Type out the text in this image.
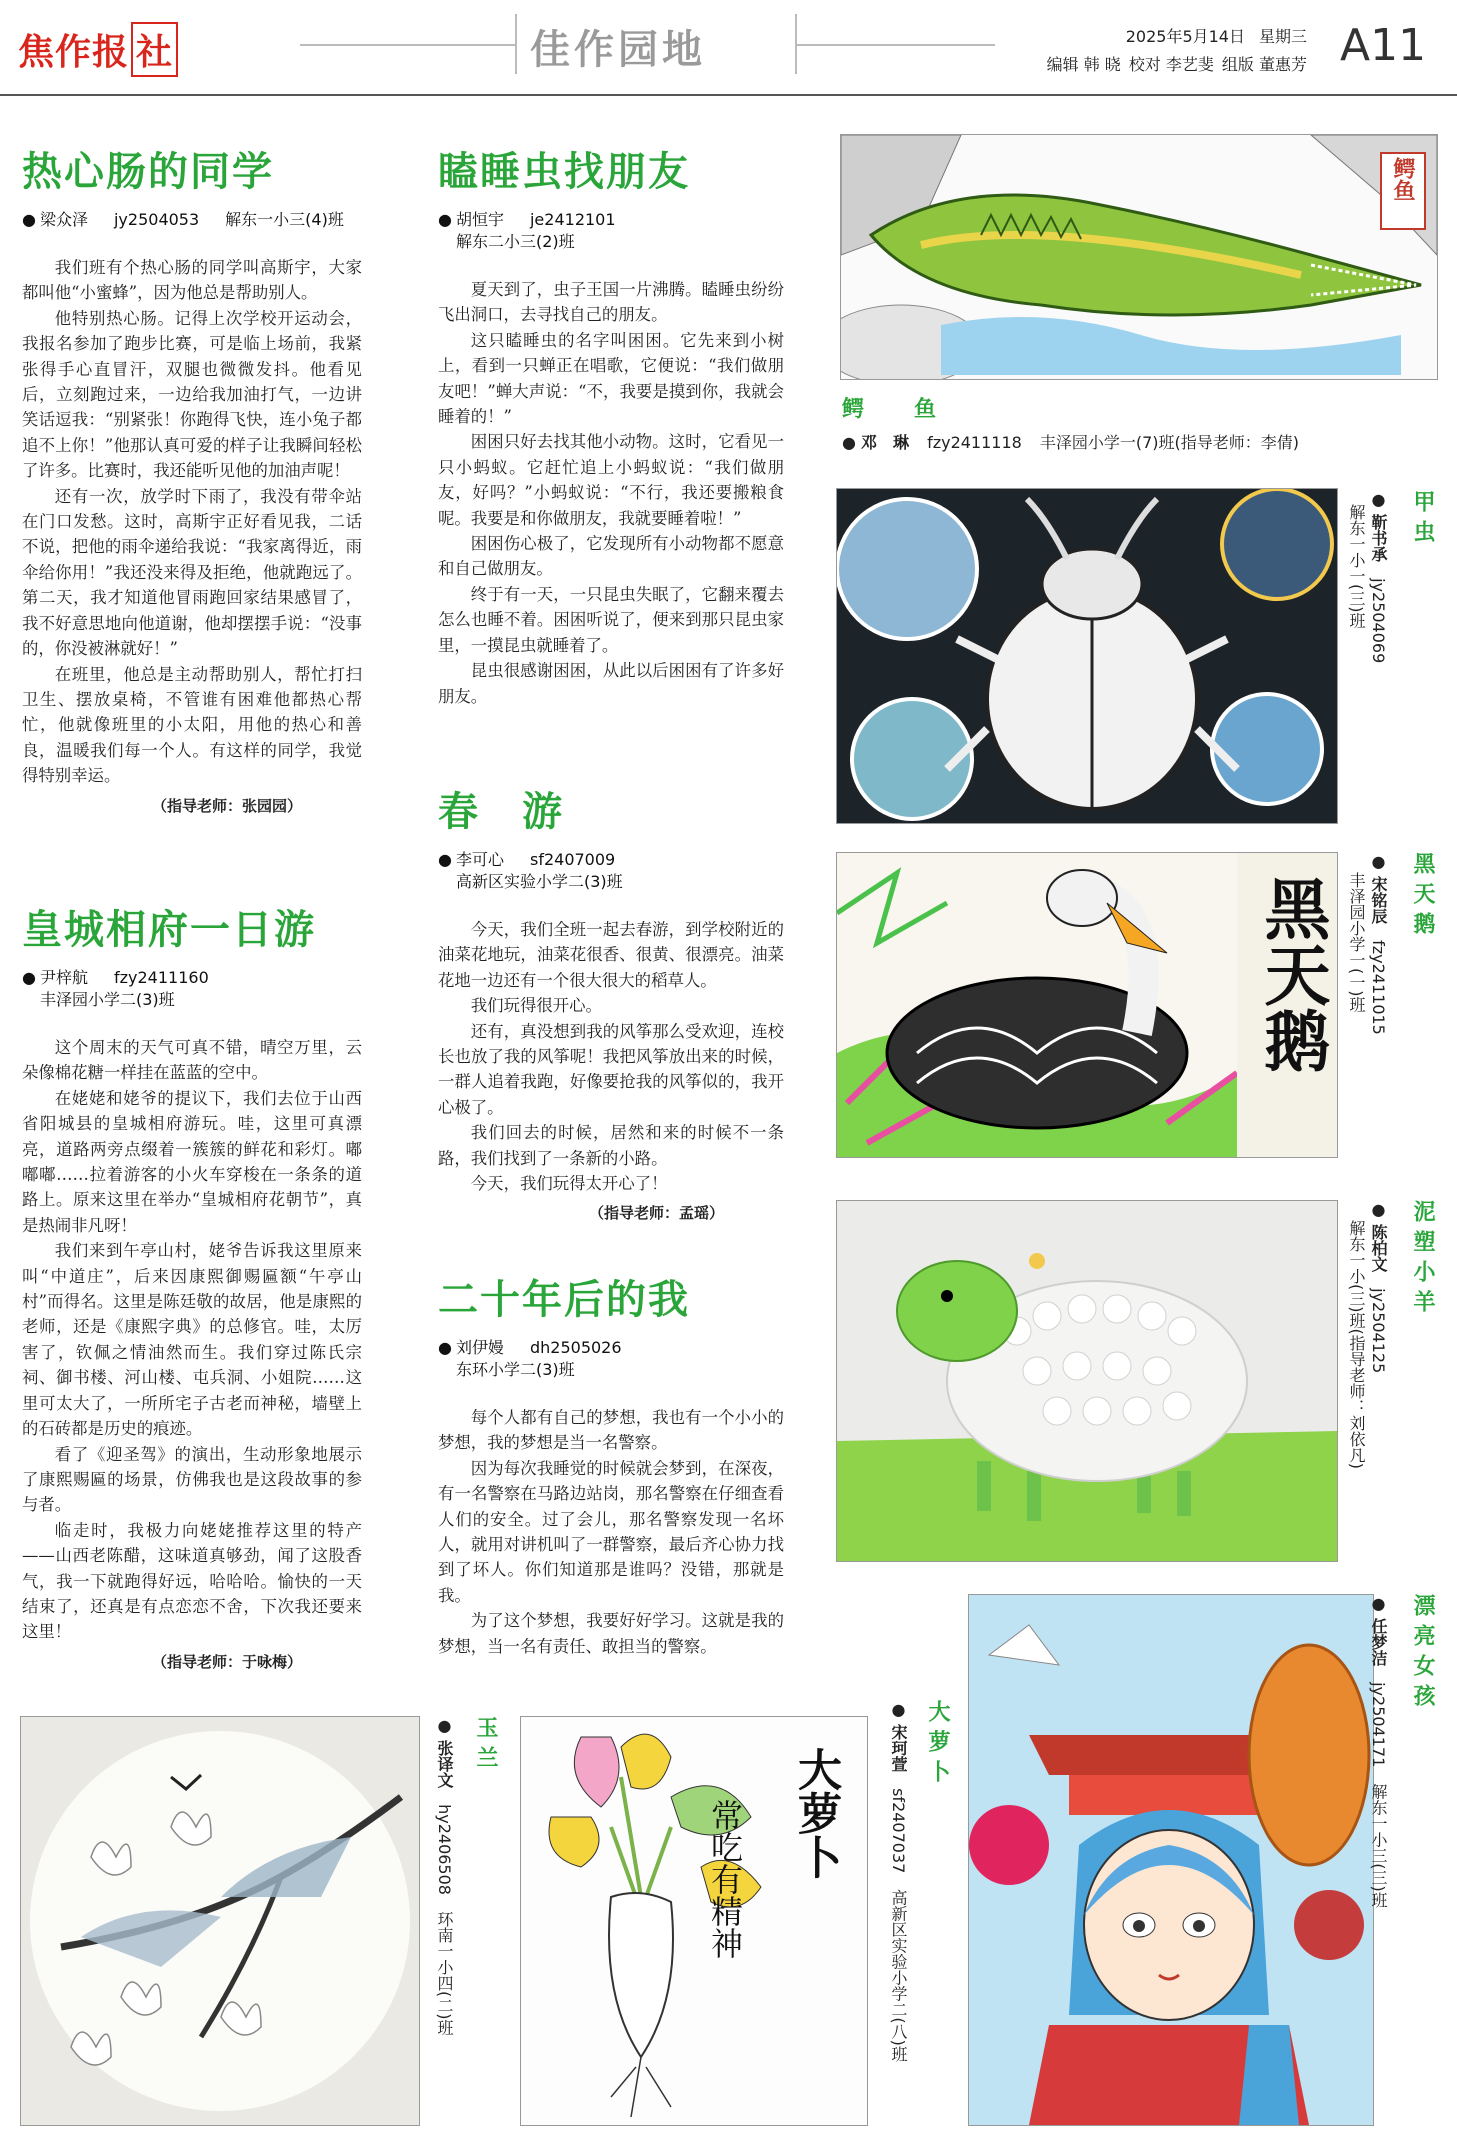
焦作报 社	佳作园地	2025年5月14日 星期三
编辑 韩 晓 校对 李艺斐 组版 董惠芳 A11
热心肠的同学
● 梁众泽 jy2504053 解东一小三(4)班

我们班有个热心肠的同学叫高斯宇，大家都叫他“小蜜蜂”，因为他总是帮助别人。

他特别热心肠。记得上次学校开运动会，我报名参加了跑步比赛，可是临上场前，我紧张得手心直冒汗，双腿也微微发抖。他看见后，立刻跑过来，一边给我加油打气，一边讲笑话逗我：“别紧张！你跑得飞快，连小兔子都追不上你！”他那认真可爱的样子让我瞬间轻松了许多。比赛时，我还能听见他的加油声呢！

还有一次，放学时下雨了，我没有带伞站在门口发愁。这时，高斯宇正好看见我，二话不说，把他的雨伞递给我说：“我家离得近，雨伞给你用！”我还没来得及拒绝，他就跑远了。第二天，我才知道他冒雨跑回家结果感冒了，我不好意思地向他道谢，他却摆摆手说：“没事的，你没被淋就好！”

在班里，他总是主动帮助别人，帮忙打扫卫生、摆放桌椅，不管谁有困难他都热心帮忙，他就像班里的小太阳，用他的热心和善良，温暖我们每一个人。有这样的同学，我觉得特别幸运。

（指导老师：张园园）
皇城相府一日游
● 尹梓航 fzy2411160
丰泽园小学二(3)班

这个周末的天气可真不错，晴空万里，云朵像棉花糖一样挂在蓝蓝的空中。

在姥姥和姥爷的提议下，我们去位于山西省阳城县的皇城相府游玩。哇，这里可真漂亮，道路两旁点缀着一簇簇的鲜花和彩灯。嘟嘟嘟……拉着游客的小火车穿梭在一条条的道路上。原来这里在举办“皇城相府花朝节”，真是热闹非凡呀！

我们来到午亭山村，姥爷告诉我这里原来叫“中道庄”，后来因康熙御赐匾额“午亭山村”而得名。这里是陈廷敬的故居，他是康熙的老师，还是《康熙字典》的总修官。哇，太厉害了，钦佩之情油然而生。我们穿过陈氏宗祠、御书楼、河山楼、屯兵洞、小姐院……这里可太大了，一所所宅子古老而神秘，墙壁上的石砖都是历史的痕迹。

看了《迎圣驾》的演出，生动形象地展示了康熙赐匾的场景，仿佛我也是这段故事的参与者。

临走时，我极力向姥姥推荐这里的特产——山西老陈醋，这味道真够劲，闻了这股香气，我一下就跑得好远，哈哈哈。愉快的一天结束了，还真是有点恋恋不舍，下次我还要来这里！

（指导老师：于咏梅）
瞌睡虫找朋友
● 胡恒宇 je2412101
解东二小三(2)班

夏天到了，虫子王国一片沸腾。瞌睡虫纷纷飞出洞口，去寻找自己的朋友。

这只瞌睡虫的名字叫困困。它先来到小树上，看到一只蝉正在唱歌，它便说：“我们做朋友吧！”蝉大声说：“不，我要是摸到你，我就会睡着的！”

困困只好去找其他小动物。这时，它看见一只小蚂蚁。它赶忙追上小蚂蚁说：“我们做朋友，好吗？”小蚂蚁说：“不行，我还要搬粮食呢。我要是和你做朋友，我就要睡着啦！”

困困伤心极了，它发现所有小动物都不愿意和自己做朋友。

终于有一天，一只昆虫失眠了，它翻来覆去怎么也睡不着。困困听说了，便来到那只昆虫家里，一摸昆虫就睡着了。

昆虫很感谢困困，从此以后困困有了许多好朋友。

春　游
● 李可心 sf2407009
高新区实验小学二(3)班

今天，我们全班一起去春游，到学校附近的油菜花地玩，油菜花很香、很黄、很漂亮。油菜花地一边还有一个很大很大的稻草人。

我们玩得很开心。

还有，真没想到我的风筝那么受欢迎，连校长也放了我的风筝呢！我把风筝放出来的时候，一群人追着我跑，好像要抢我的风筝似的，我开心极了。

我们回去的时候，居然和来的时候不一条路，我们找到了一条新的小路。

今天，我们玩得太开心了！

（指导老师：孟瑶）
二十年后的我
● 刘伊嫚 dh2505026
东环小学二(3)班

每个人都有自己的梦想，我也有一个小小的梦想，我的梦想是当一名警察。

因为每次我睡觉的时候就会梦到，在深夜，有一名警察在马路边站岗，那名警察在仔细查看人们的安全。过了会儿，那名警察发现一名坏人，就用对讲机叫了一群警察，最后齐心协力找到了坏人。你们知道那是谁吗？没错，那就是我。

为了这个梦想，我要好好学习。这就是我的梦想，当一名有责任、敢担当的警察。

鳄鱼
鳄　鱼
● 邓　琳 fzy2411118 丰泽园小学一(7)班(指导老师：李倩)
甲虫
● 靳书承　jy2504069
解东一小一(三)班
黑天鹅	黑天鹅
● 宋铭辰　fzy2411015
丰泽园小学一(一)班
泥塑小羊
● 陈柏文　jy2504125
解东一小(三)班(指导老师：刘依凡)
漂亮女孩
● 任梦洁　jy2504171　解东一小三(三)班
玉兰
● 张译文　hy2406508　环南一小四(二)班
大萝卜
常吃有精神
大萝卜
● 宋珂萱　sf2407037　高新区实验小学二(八)班
